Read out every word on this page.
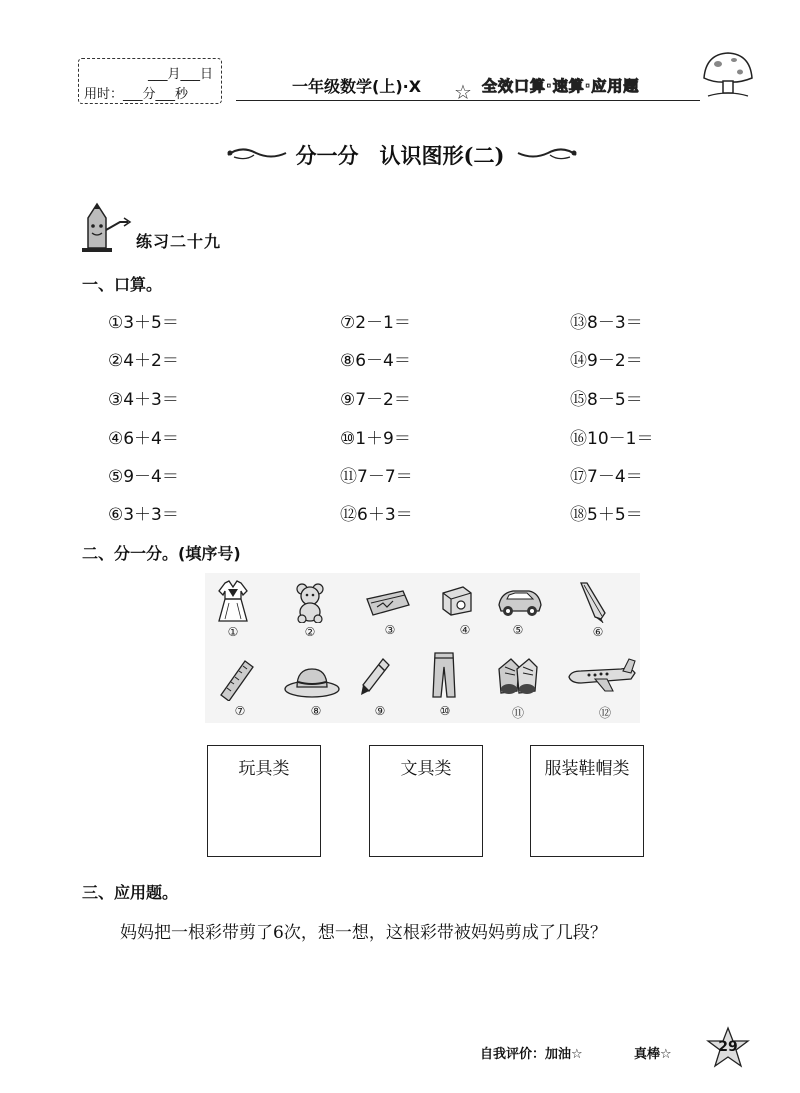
___月___日
用时：___分___秒	一年级数学(上)·X ☆ 全效口算·速算·应用题
分一分　认识图形(二)
练习二十九
一、口算。
①3＋5＝
②4＋2＝
③4＋3＝
④6＋4＝
⑤9－4＝
⑥3＋3＝
⑦2－1＝
⑧6－4＝
⑨7－2＝
⑩1＋9＝
⑪7－7＝
⑫6＋3＝
⑬8－3＝
⑭9－2＝
⑮8－5＝
⑯10－1＝
⑰7－4＝
⑱5＋5＝
二、分一分。(填序号)
①	②	③	④	⑤	⑥
⑦	⑧	⑨	⑩	⑪	⑫
玩具类	文具类	服装鞋帽类
三、应用题。
妈妈把一根彩带剪了6次，想一想，这根彩带被妈妈剪成了几段？
自我评价：加油☆	真棒☆	29
